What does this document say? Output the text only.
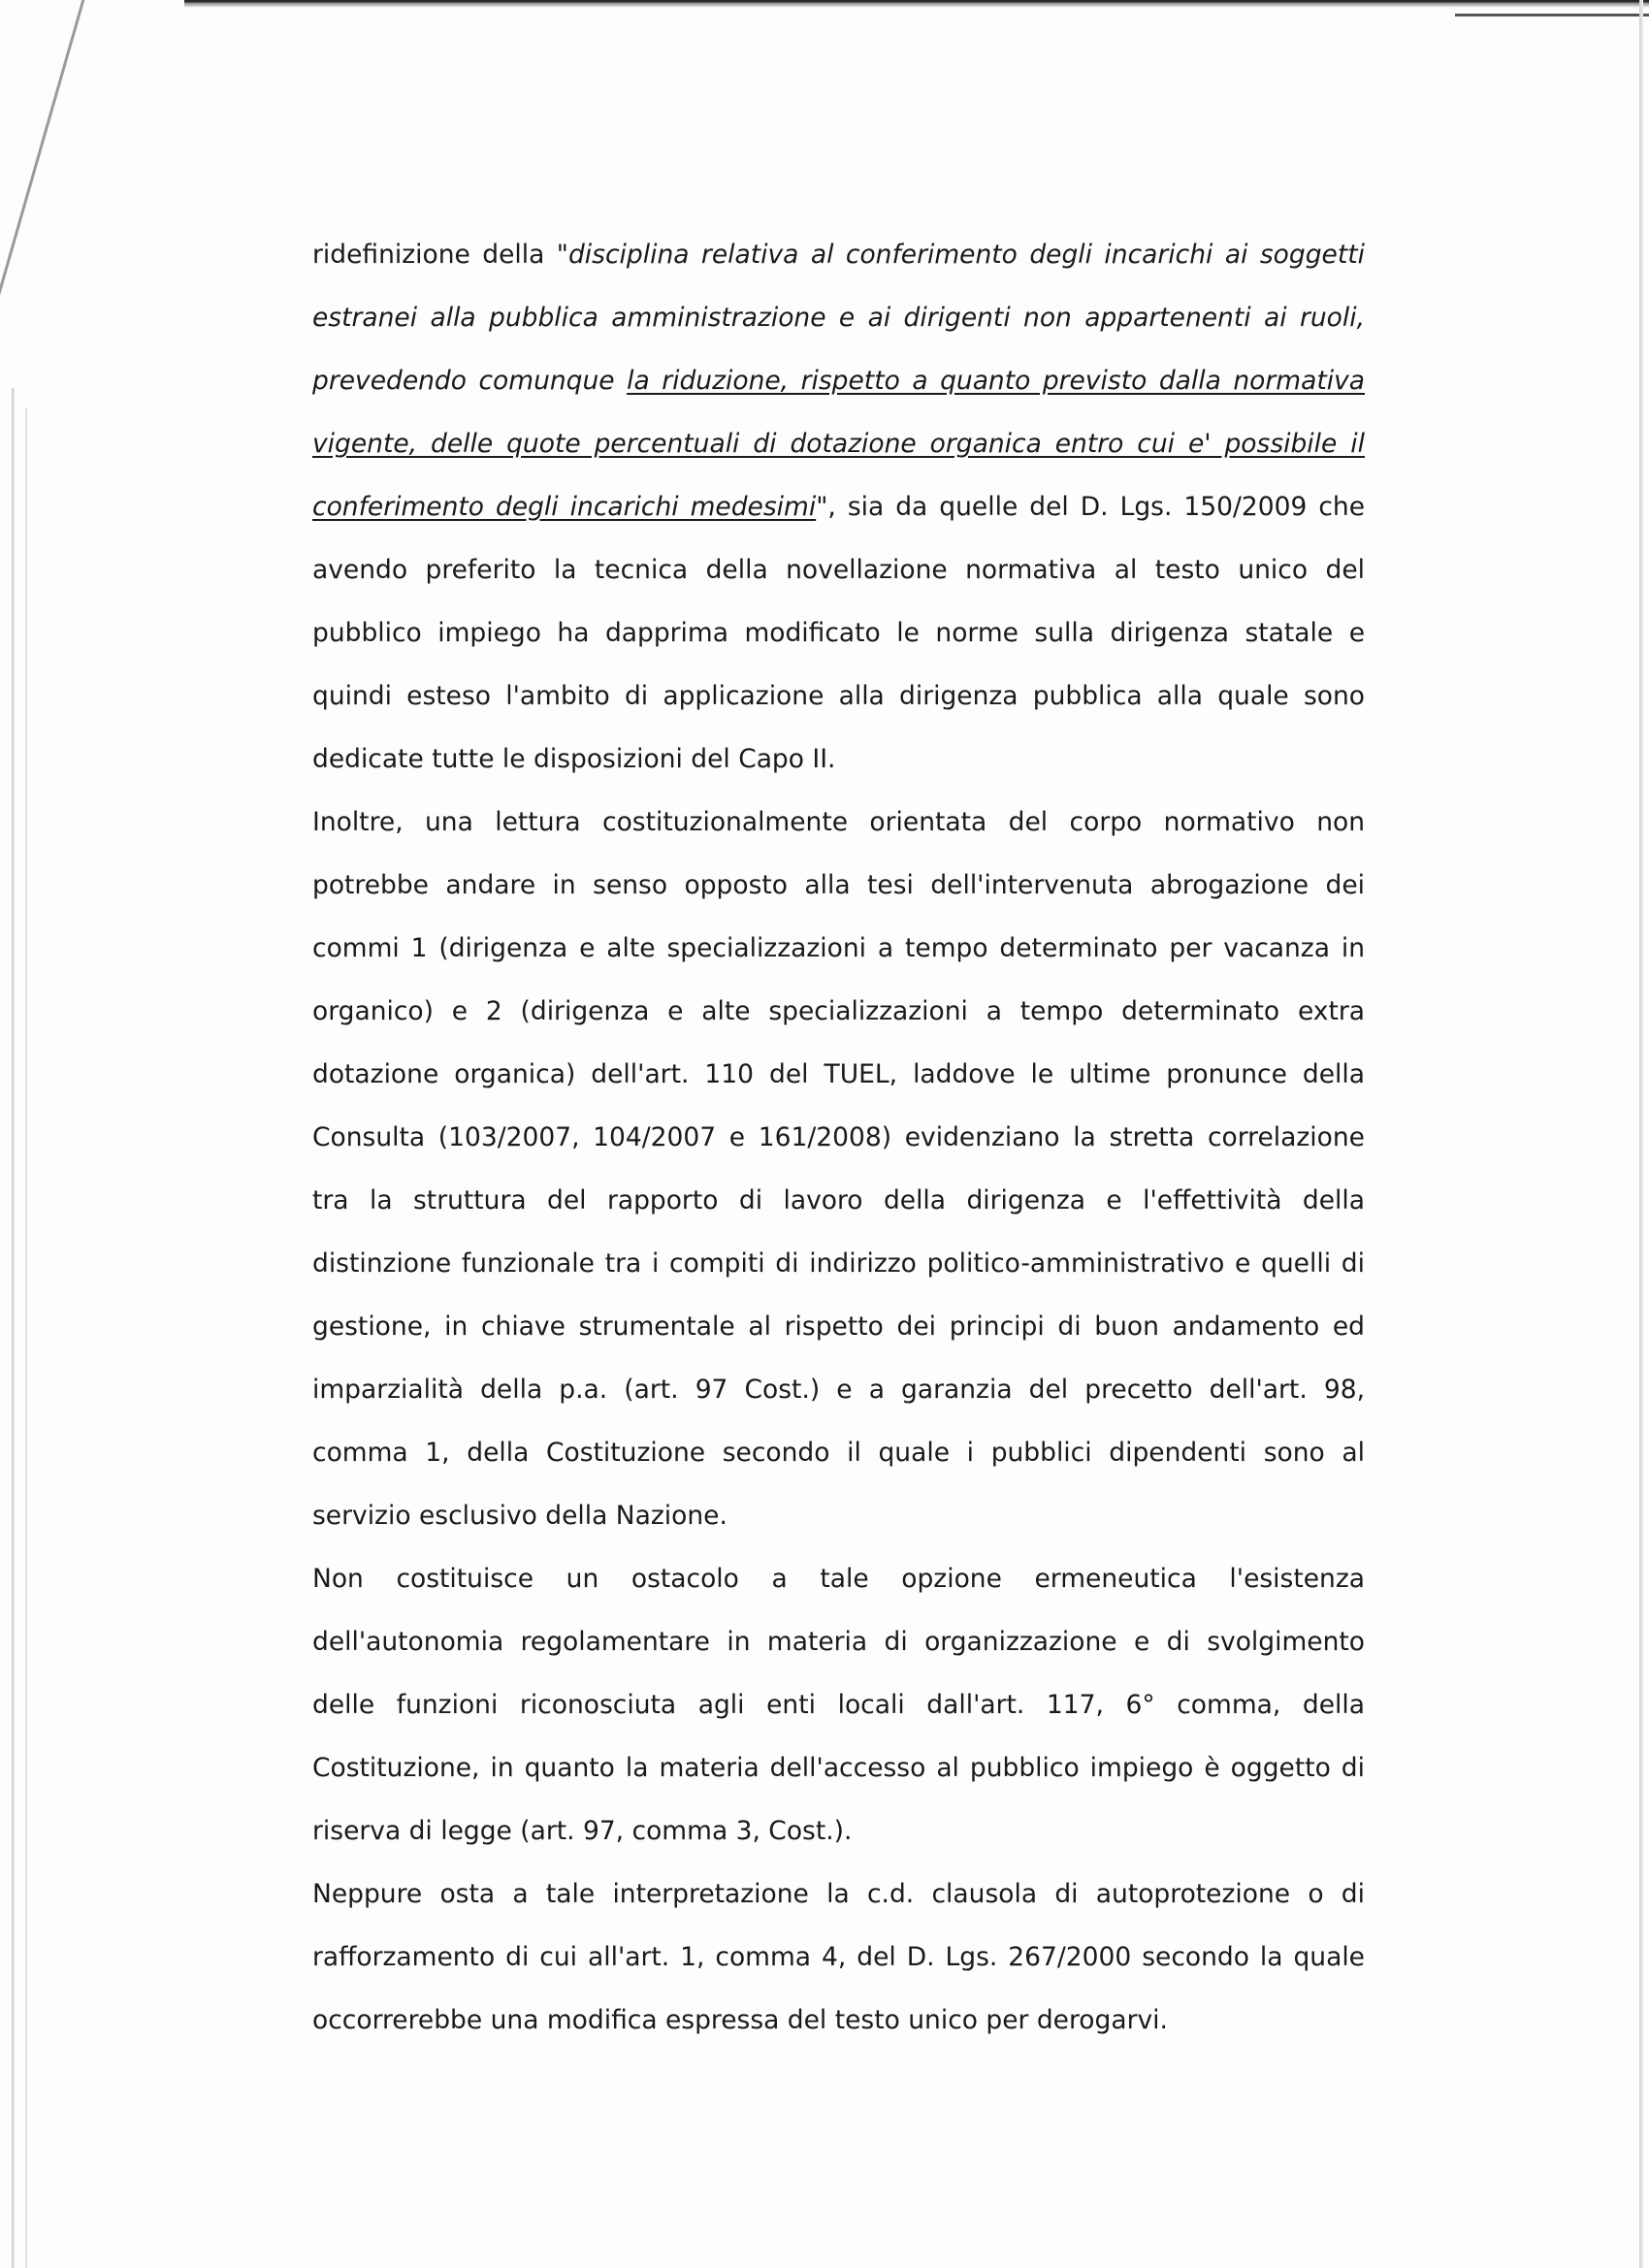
ridefinizione della "disciplina relativa al conferimento degli incarichi ai soggetti estranei alla pubblica amministrazione e ai dirigenti non appartenenti ai ruoli, prevedendo comunque la riduzione, rispetto a quanto previsto dalla normativa vigente, delle quote percentuali di dotazione organica entro cui e' possibile il conferimento degli incarichi medesimi", sia da quelle del D. Lgs. 150/2009 che avendo preferito la tecnica della novellazione normativa al testo unico del pubblico impiego ha dapprima modificato le norme sulla dirigenza statale e quindi esteso l'ambito di applicazione alla dirigenza pubblica alla quale sono dedicate tutte le disposizioni del Capo II.

Inoltre, una lettura costituzionalmente orientata del corpo normativo non potrebbe andare in senso opposto alla tesi dell'intervenuta abrogazione dei commi 1 (dirigenza e alte specializzazioni a tempo determinato per vacanza in organico) e 2 (dirigenza e alte specializzazioni a tempo determinato extra dotazione organica) dell'art. 110 del TUEL, laddove le ultime pronunce della Consulta (103/2007, 104/2007 e 161/2008) evidenziano la stretta correlazione tra la struttura del rapporto di lavoro della dirigenza e l'effettività della distinzione funzionale tra i compiti di indirizzo politico-amministrativo e quelli di gestione, in chiave strumentale al rispetto dei principi di buon andamento ed imparzialità della p.a. (art. 97 Cost.) e a garanzia del precetto dell'art. 98, comma 1, della Costituzione secondo il quale i pubblici dipendenti sono al servizio esclusivo della Nazione.

Non costituisce un ostacolo a tale opzione ermeneutica l'esistenza dell'autonomia regolamentare in materia di organizzazione e di svolgimento delle funzioni riconosciuta agli enti locali dall'art. 117, 6° comma, della Costituzione, in quanto la materia dell'accesso al pubblico impiego è oggetto di riserva di legge (art. 97, comma 3, Cost.).

Neppure osta a tale interpretazione la c.d. clausola di autoprotezione o di rafforzamento di cui all'art. 1, comma 4, del D. Lgs. 267/2000 secondo la quale occorrerebbe una modifica espressa del testo unico per derogarvi.
